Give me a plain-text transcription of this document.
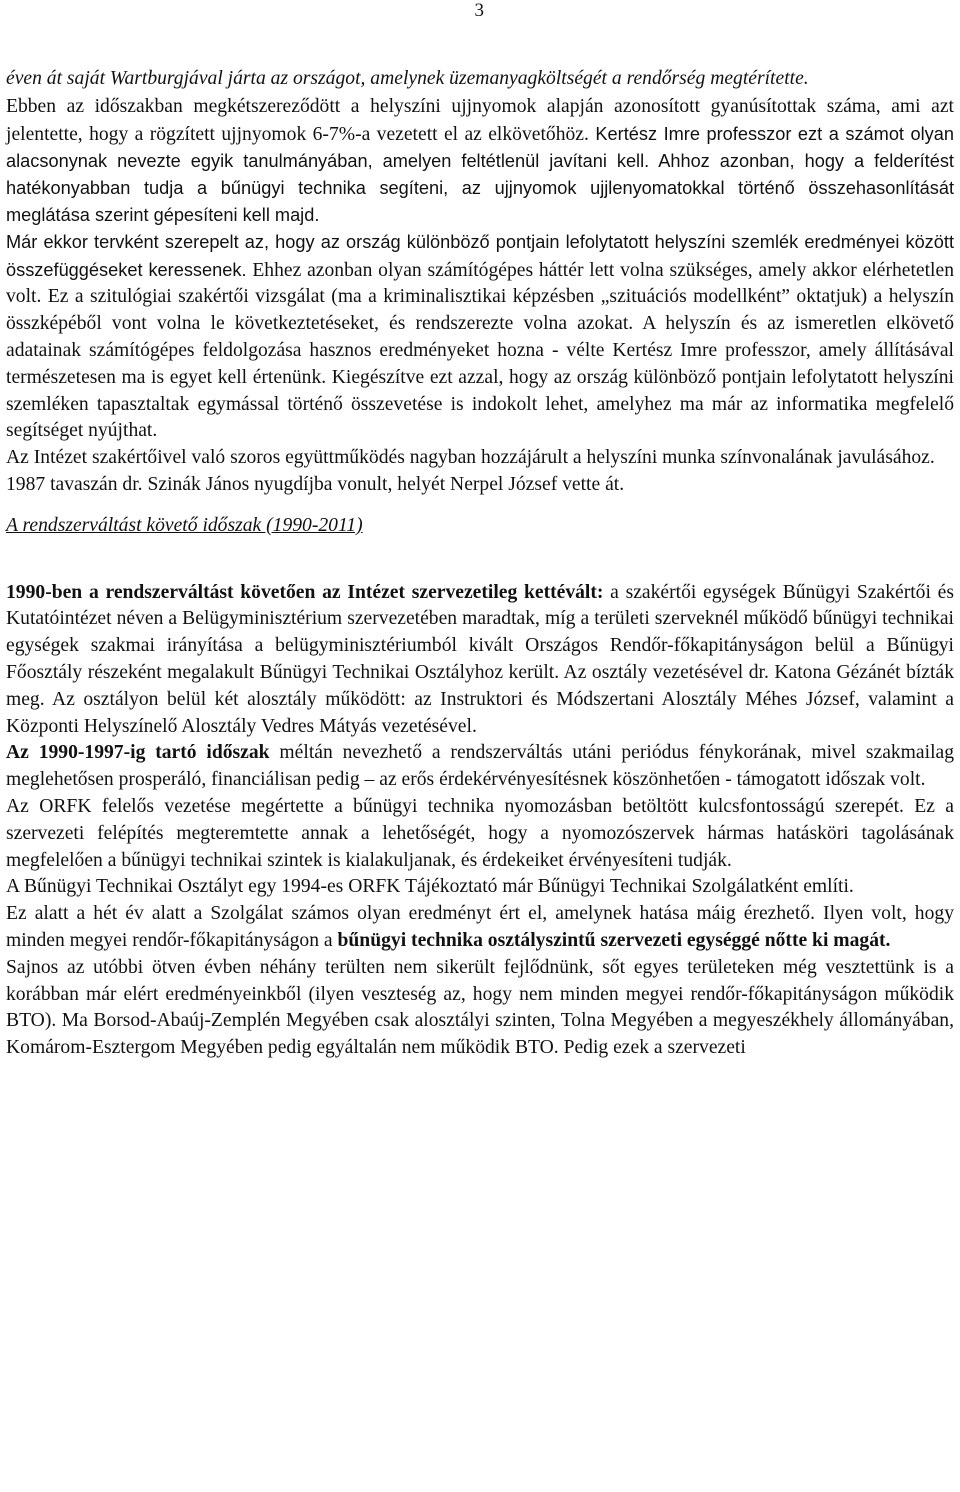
3

éven át saját Wartburgjával járta az országot, amelynek üzemanyagköltségét a rendőrség megtérítette.

Ebben az időszakban megkétszereződött a helyszíni ujjnyomok alapján azonosított gyanúsítottak száma, ami azt jelentette, hogy a rögzített ujjnyomok 6-7%-a vezetett el az elkövetőhöz. Kertész Imre professzor ezt a számot olyan alacsonynak nevezte egyik tanulmányában, amelyen feltétlenül javítani kell. Ahhoz azonban, hogy a felderítést hatékonyabban tudja a bűnügyi technika segíteni, az ujjnyomok ujjlenyomatokkal történő összehasonlítását meglátása szerint gépesíteni kell majd.

Már ekkor tervként szerepelt az, hogy az ország különböző pontjain lefolytatott helyszíni szemlék eredményei között összefüggéseket keressenek. Ehhez azonban olyan számítógépes háttér lett volna szükséges, amely akkor elérhetetlen volt. Ez a szitulógiai szakértői vizsgálat (ma a kriminalisztikai képzésben „szituációs modellként” oktatjuk) a helyszín összképéből vont volna le következtetéseket, és rendszerezte volna azokat. A helyszín és az ismeretlen elkövető adatainak számítógépes feldolgozása hasznos eredményeket hozna - vélte Kertész Imre professzor, amely állításával természetesen ma is egyet kell értenünk. Kiegészítve ezt azzal, hogy az ország különböző pontjain lefolytatott helyszíni szemléken tapasztaltak egymással történő összevetése is indokolt lehet, amelyhez ma már az informatika megfelelő segítséget nyújthat.

Az Intézet szakértőivel való szoros együttműködés nagyban hozzájárult a helyszíni munka színvonalának javulásához.

1987 tavaszán dr. Szinák János nyugdíjba vonult, helyét Nerpel József vette át.

A rendszerváltást követő időszak (1990-2011)

1990-ben a rendszerváltást követően az Intézet szervezetileg kettévált: a szakértői egységek Bűnügyi Szakértői és Kutatóintézet néven a Belügyminisztérium szervezetében maradtak, míg a területi szerveknél működő bűnügyi technikai egységek szakmai irányítása a belügyminisztériumból kivált Országos Rendőr-főkapitányságon belül a Bűnügyi Főosztály részeként megalakult Bűnügyi Technikai Osztályhoz került. Az osztály vezetésével dr. Katona Gézánét bízták meg. Az osztályon belül két alosztály működött: az Instruktori és Módszertani Alosztály Méhes József, valamint a Központi Helyszínelő Alosztály Vedres Mátyás vezetésével.

Az 1990-1997-ig tartó időszak méltán nevezhető a rendszerváltás utáni periódus fénykorának, mivel szakmailag meglehetősen prosperáló, financiálisan pedig – az erős érdekérvényesítésnek köszönhetően - támogatott időszak volt.

Az ORFK felelős vezetése megértette a bűnügyi technika nyomozásban betöltött kulcsfontosságú szerepét. Ez a szervezeti felépítés megteremtette annak a lehetőségét, hogy a nyomozószervek hármas hatásköri tagolásának megfelelően a bűnügyi technikai szintek is kialakuljanak, és érdekeiket érvényesíteni tudják.

A Bűnügyi Technikai Osztályt egy 1994-es ORFK Tájékoztató már Bűnügyi Technikai Szolgálatként említi.

Ez alatt a hét év alatt a Szolgálat számos olyan eredményt ért el, amelynek hatása máig érezhető. Ilyen volt, hogy minden megyei rendőr-főkapitányságon a bűnügyi technika osztályszintű szervezeti egységgé nőtte ki magát.

Sajnos az utóbbi ötven évben néhány terülten nem sikerült fejlődnünk, sőt egyes területeken még vesztettünk is a korábban már elért eredményeinkből (ilyen veszteség az, hogy nem minden megyei rendőr-főkapitányságon működik BTO). Ma Borsod-Abaúj-Zemplén Megyében csak alosztályi szinten, Tolna Megyében a megyeszékhely állományában, Komárom-Esztergom Megyében pedig egyáltalán nem működik BTO. Pedig ezek a szervezeti
